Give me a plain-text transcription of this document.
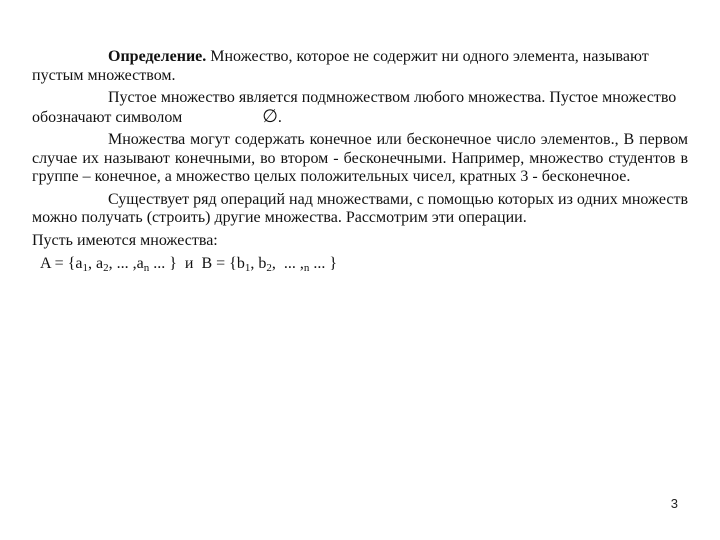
Определение. Множество, которое не содержит ни одного элемента, называют пустым множеством.

Пустое множество является подмножеством любого множества. Пустое множество обозначают символом	∅.

Множества могут содержать конечное или бесконечное число элементов., В первом случае их называют конечными, во втором - бесконечными. Например, множество студентов в группе – конечное, а множество целых положительных чисел, кратных 3 - бесконечное.

Существует ряд операций над множествами, с помощью которых из одних множеств можно получать (строить) другие множества. Рассмотрим эти операции.

Пусть имеются множества:

$A = \{a_1$, $a_2$, ... $,a_n$ ... }  и  $B = \{b_1$, $b_2$,  ... $,_n$ ... }
3
